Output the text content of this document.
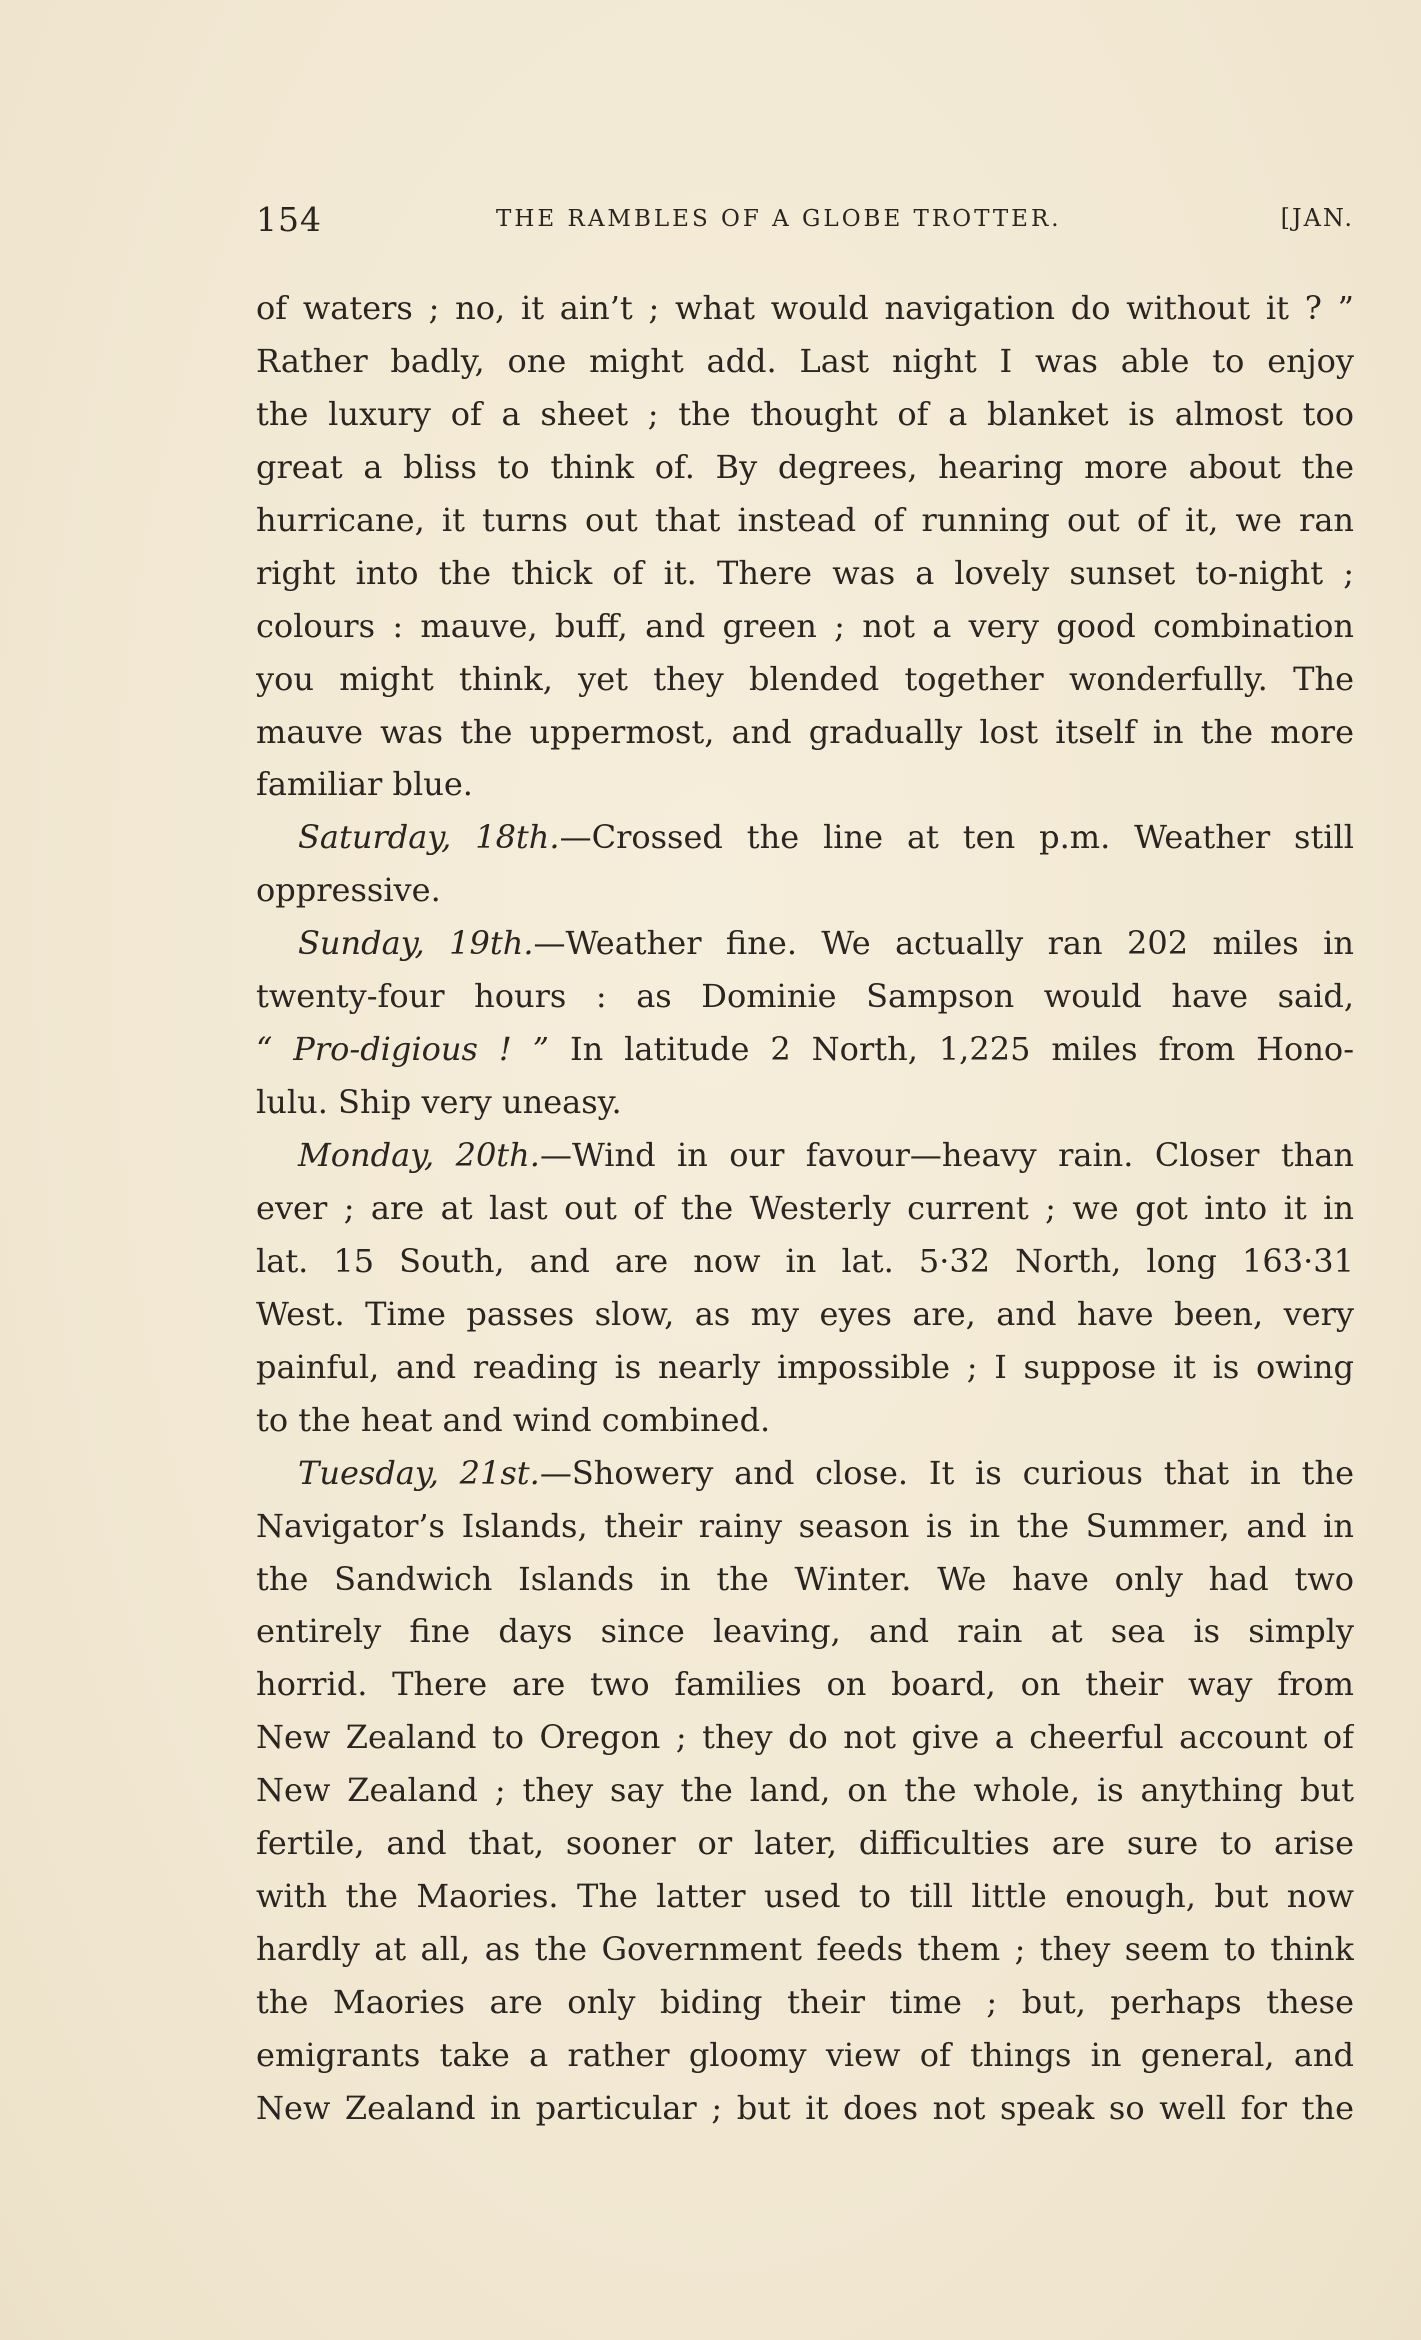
154	THE RAMBLES OF A GLOBE TROTTER.	[JAN.
of waters ; no, it ain’t ; what would navigation do without it ? ”
Rather badly, one might add. Last night I was able to enjoy
the luxury of a sheet ; the thought of a blanket is almost too
great a bliss to think of. By degrees, hearing more about the
hurricane, it turns out that instead of running out of it, we ran
right into the thick of it. There was a lovely sunset to-night ;
colours : mauve, buff, and green ; not a very good combination
you might think, yet they blended together wonderfully. The
mauve was the uppermost, and gradually lost itself in the more
familiar blue.
Saturday, 18th.—Crossed the line at ten p.m. Weather still
oppressive.
Sunday, 19th.—Weather fine. We actually ran 202 miles in
twenty-four hours : as Dominie Sampson would have said,
“ Pro-digious ! ” In latitude 2 North, 1,225 miles from Hono-
lulu. Ship very uneasy.
Monday, 20th.—Wind in our favour—heavy rain. Closer than
ever ; are at last out of the Westerly current ; we got into it in
lat. 15 South, and are now in lat. 5·32 North, long 163·31
West. Time passes slow, as my eyes are, and have been, very
painful, and reading is nearly impossible ; I suppose it is owing
to the heat and wind combined.
Tuesday, 21st.—Showery and close. It is curious that in the
Navigator’s Islands, their rainy season is in the Summer, and in
the Sandwich Islands in the Winter. We have only had two
entirely fine days since leaving, and rain at sea is simply
horrid. There are two families on board, on their way from
New Zealand to Oregon ; they do not give a cheerful account of
New Zealand ; they say the land, on the whole, is anything but
fertile, and that, sooner or later, difficulties are sure to arise
with the Maories. The latter used to till little enough, but now
hardly at all, as the Government feeds them ; they seem to think
the Maories are only biding their time ; but, perhaps these
emigrants take a rather gloomy view of things in general, and
New Zealand in particular ; but it does not speak so well for the
